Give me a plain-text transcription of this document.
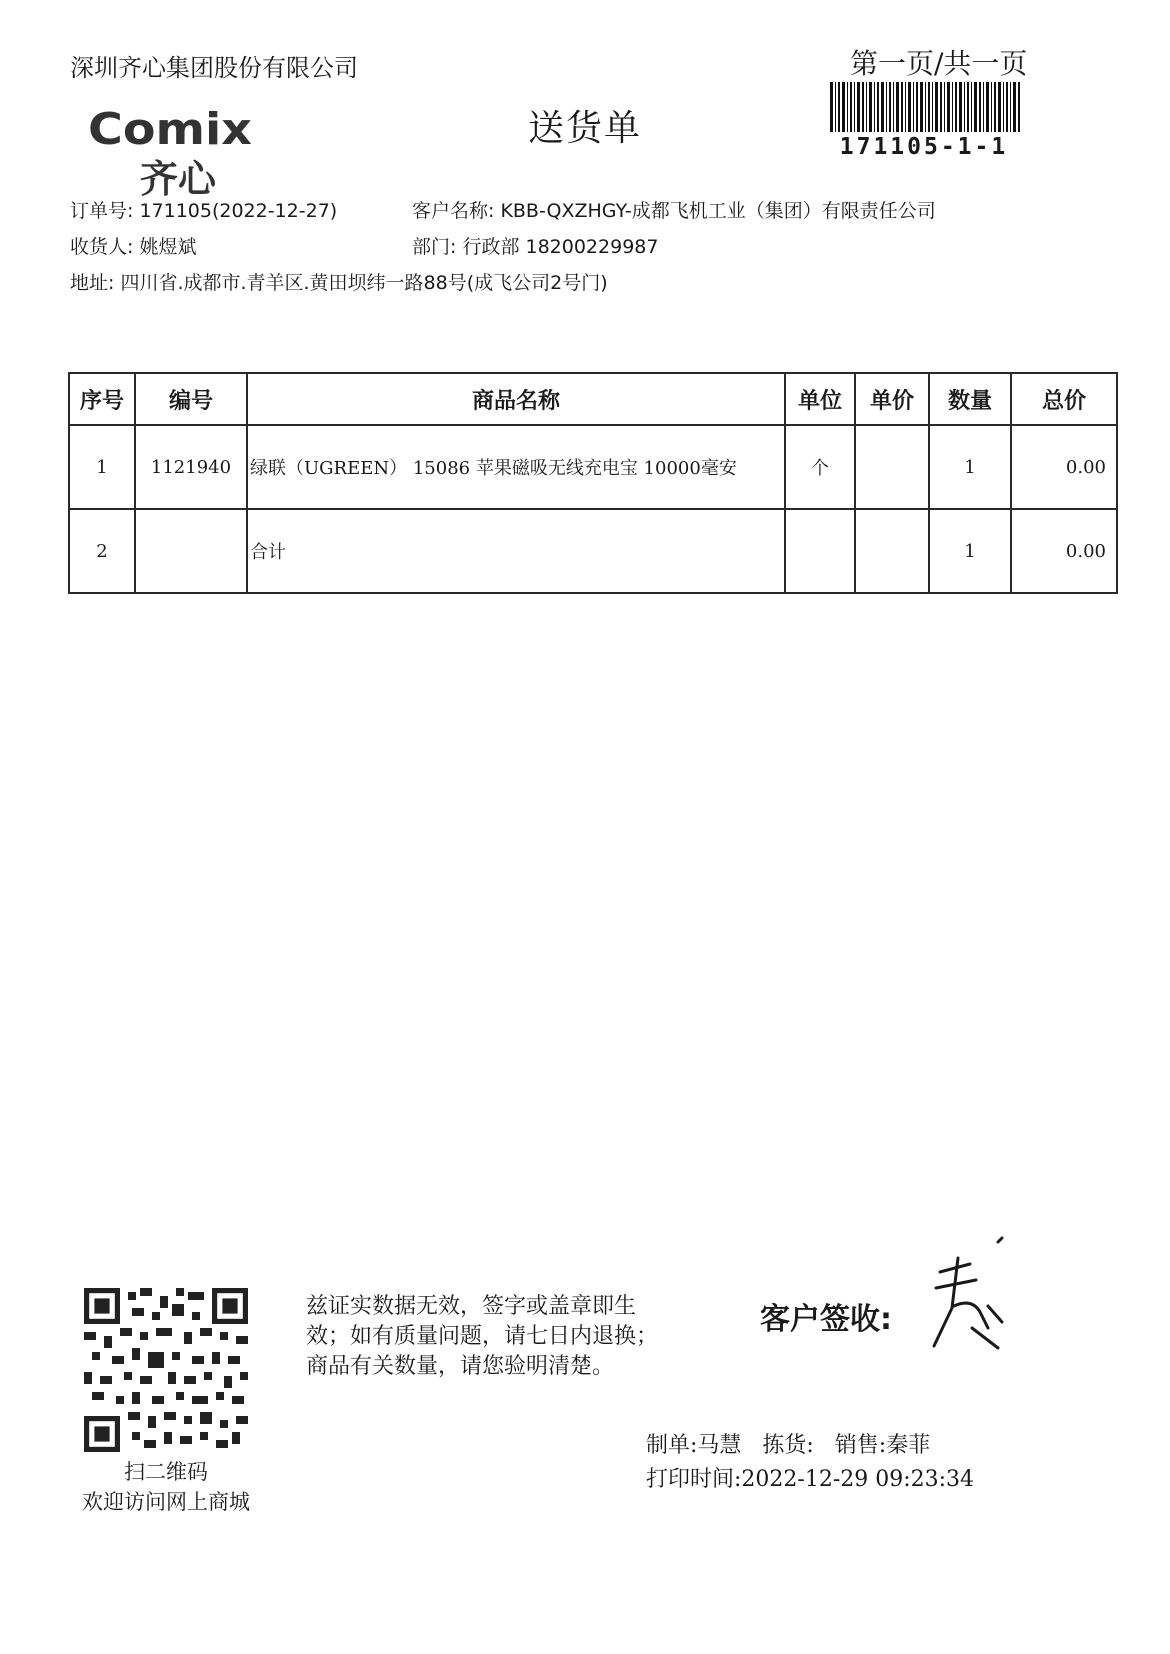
深圳齐心集团股份有限公司	第一页/共一页
Comix
齐心
送货单	171105-1-1
订单号: 171105(2022-12-27)	客户名称: KBB-QXZHGY-成都飞机工业（集团）有限责任公司
收货人: 姚煜斌	部门: 行政部 18200229987
地址: 四川省.成都市.青羊区.黄田坝纬一路88号(成飞公司2号门)
序号	编号	商品名称	单位	单价	数量	总价
1	1121940	绿联（UGREEN） 15086 苹果磁吸无线充电宝 10000毫安	个		1	0.00
2		合计			1	0.00
扫二维码
欢迎访问网上商城
兹证实数据无效，签字或盖章即生
效；如有质量问题，请七日内退换；
商品有关数量，请您验明清楚。
客户签收:
制单:马慧   拣货:   销售:秦菲
打印时间:2022-12-29 09:23:34
